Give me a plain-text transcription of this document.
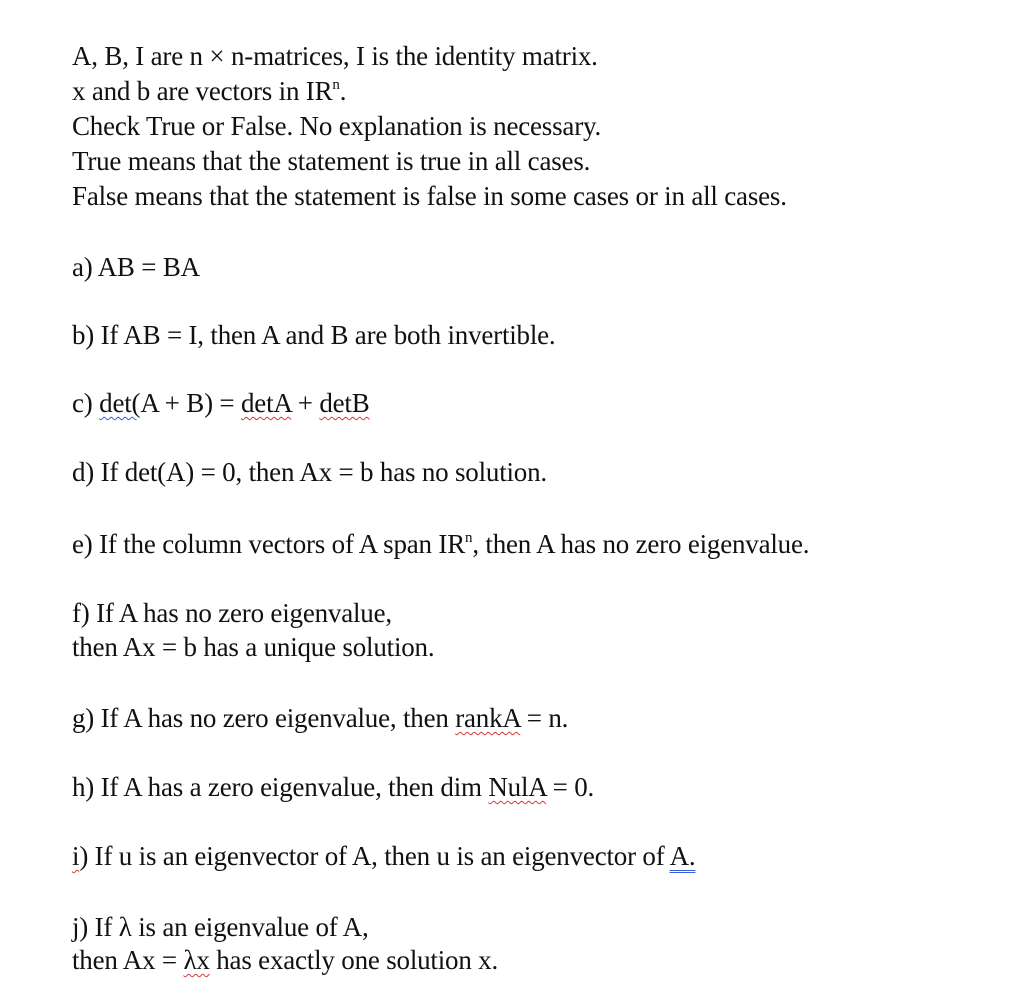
A, B, I are n × n-matrices, I is the identity matrix.
x and b are vectors in $IR^n$.
Check True or False. No explanation is necessary.
True means that the statement is true in all cases.
False means that the statement is false in some cases or in all cases.
a) AB = BA
b) If AB = I, then A and B are both invertible.
c) det(A + B) = detA + detB
d) If det(A) = 0, then Ax = b has no solution.
e) If the column vectors of A span $IR^n$, then A has no zero eigenvalue.
f) If A has no zero eigenvalue,
then Ax = b has a unique solution.
g) If A has no zero eigenvalue, then rankA = n.
h) If A has a zero eigenvalue, then dim NulA = 0.
i) If u is an eigenvector of A, then u is an eigenvector of A.
j) If λ is an eigenvalue of A,
then Ax = λx has exactly one solution x.
